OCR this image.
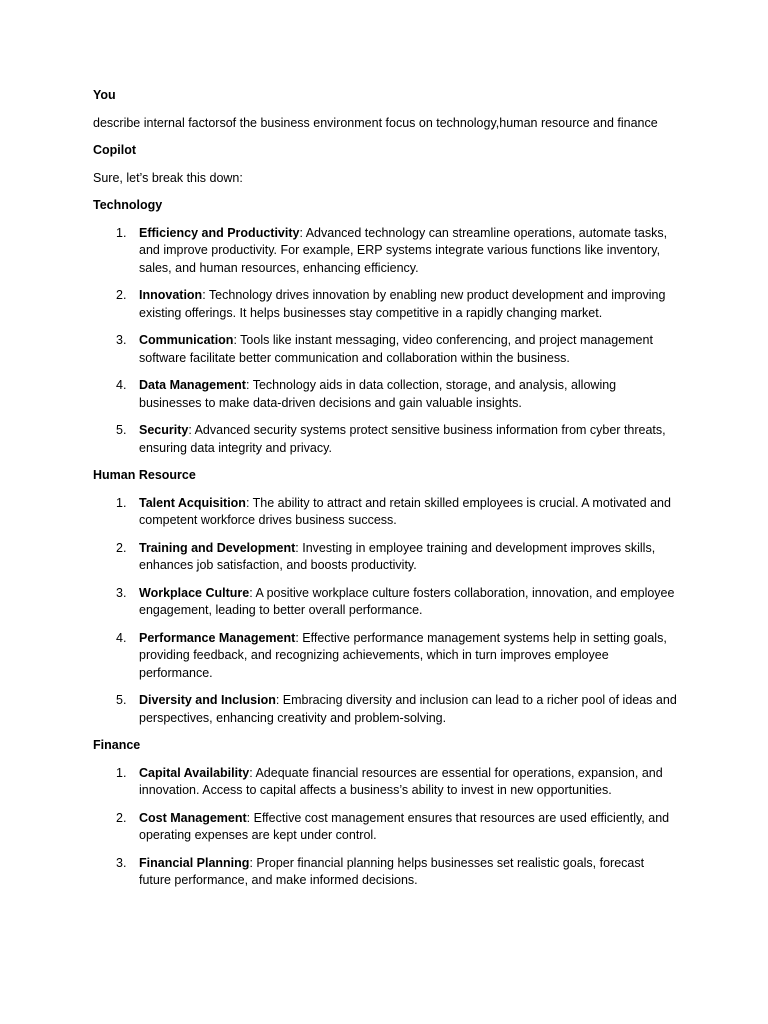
You

describe internal factorsof the business environment focus on technology,human resource and finance

Copilot

Sure, let’s break this down:

Technology

1. Efficiency and Productivity: Advanced technology can streamline operations, automate tasks, and improve productivity. For example, ERP systems integrate various functions like inventory, sales, and human resources, enhancing efficiency.
2. Innovation: Technology drives innovation by enabling new product development and improving existing offerings. It helps businesses stay competitive in a rapidly changing market.
3. Communication: Tools like instant messaging, video conferencing, and project management software facilitate better communication and collaboration within the business.
4. Data Management: Technology aids in data collection, storage, and analysis, allowing businesses to make data-driven decisions and gain valuable insights.
5. Security: Advanced security systems protect sensitive business information from cyber threats, ensuring data integrity and privacy.

Human Resource

1. Talent Acquisition: The ability to attract and retain skilled employees is crucial. A motivated and competent workforce drives business success.
2. Training and Development: Investing in employee training and development improves skills, enhances job satisfaction, and boosts productivity.
3. Workplace Culture: A positive workplace culture fosters collaboration, innovation, and employee engagement, leading to better overall performance.
4. Performance Management: Effective performance management systems help in setting goals, providing feedback, and recognizing achievements, which in turn improves employee performance.
5. Diversity and Inclusion: Embracing diversity and inclusion can lead to a richer pool of ideas and perspectives, enhancing creativity and problem-solving.

Finance

1. Capital Availability: Adequate financial resources are essential for operations, expansion, and innovation. Access to capital affects a business’s ability to invest in new opportunities.
2. Cost Management: Effective cost management ensures that resources are used efficiently, and operating expenses are kept under control.
3. Financial Planning: Proper financial planning helps businesses set realistic goals, forecast future performance, and make informed decisions.
